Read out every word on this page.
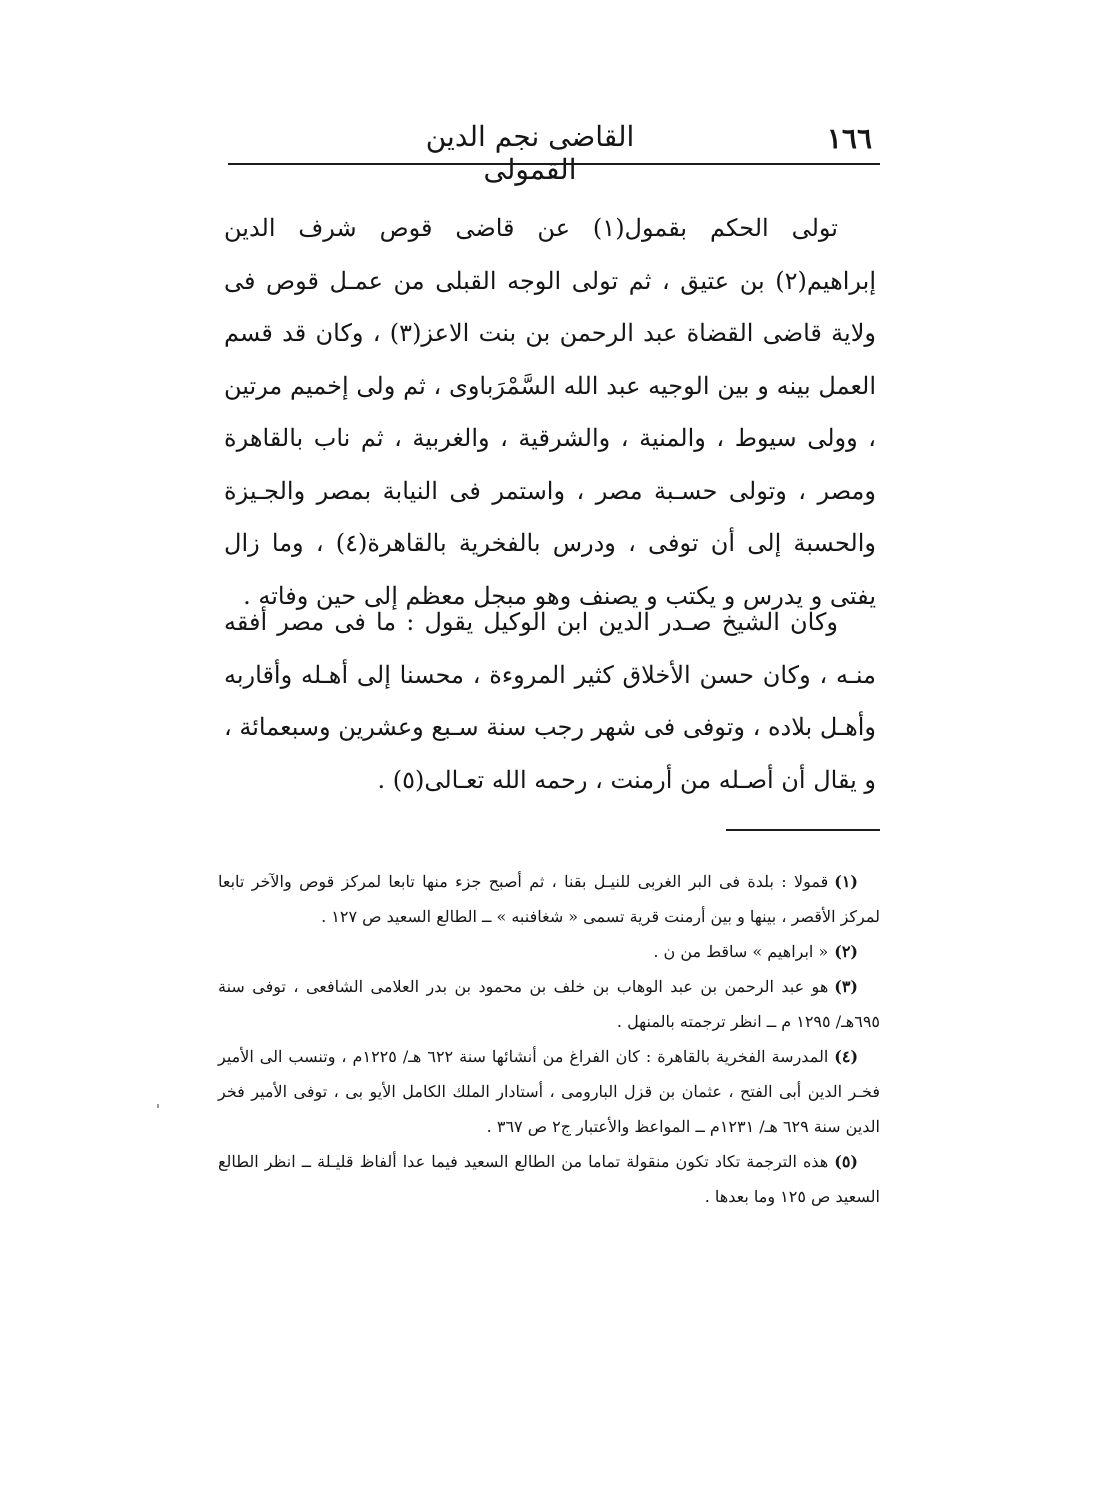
١٦٦
القاضى نجم الدين القمولى

تولى الحكم بقمول(١) عن قاضى قوص شرف الدين إبراهيم(٢) بن عتيق ، ثم تولى الوجه القبلى من عمـل قوص فى ولاية قاضى القضاة عبد الرحمن بن بنت الاعز(٣) ، وكان قد قسم العمل بينه و بين الوجيه عبد الله السَّمْرَباوى ، ثم ولى إخميم مرتين ، وولى سيوط ، والمنية ، والشرقية ، والغربية ، ثم ناب بالقاهرة ومصر ، وتولى حسـبة مصر ، واستمر فى النيابة بمصر والجـيزة والحسبة إلى أن توفى ، ودرس بالفخرية بالقاهرة(٤) ، وما زال يفتى و يدرس و يكتب و يصنف وهو مبجل معظم إلى حين وفاته .

وكان الشيخ صـدر الدين ابن الوكيل يقول : ما فى مصر أفقه منـه ، وكان حسن الأخلاق كثير المروءة ، محسنا إلى أهـله وأقاربه وأهـل بلاده ، وتوفى فى شهر رجب سنة سـبع وعشرين وسبعمائة ، و يقال أن أصـله من أرمنت ، رحمه الله تعـالى(٥) .

(١)قمولا : بلدة فى البر الغربى للنيـل بقنا ، ثم أصبح جزء منها تابعا لمركز قوص والآخر تابعا لمركز الأقصر ، بينها و بين أرمنت قرية تسمى « شغافنبه » ــ الطالع السعيد ص ١٢٧ .

(٢)« ابراهيم » ساقط من ن .

(٣)هو عبد الرحمن بن عبد الوهاب بن خلف بن محمود بن بدر العلامى الشافعى ، توفى سنة ٦٩٥هـ/ ١٢٩٥ م ــ انظر ترجمته بالمنهل .

(٤)المدرسة الفخرية بالقاهرة : كان الفراغ من أنشائها سنة ٦٢٢ هـ/ ١٢٢٥م ، وتنسب الى الأمير فخـر الدين أبى الفتح ، عثمان بن قزل البارومى ، أستادار الملك الكامل الأيو بى ، توفى الأمير فخر الدين سنة ٦٢٩ هـ/ ١٢٣١م ــ المواعظ والأعتبار ج٢ ص ٣٦٧ .

(٥)هذه الترجمة تكاد تكون منقولة تماما من الطالع السعيد فيما عدا ألفاظ قليـلة ــ انظر الطالع السعيد ص ١٢٥ وما بعدها .
